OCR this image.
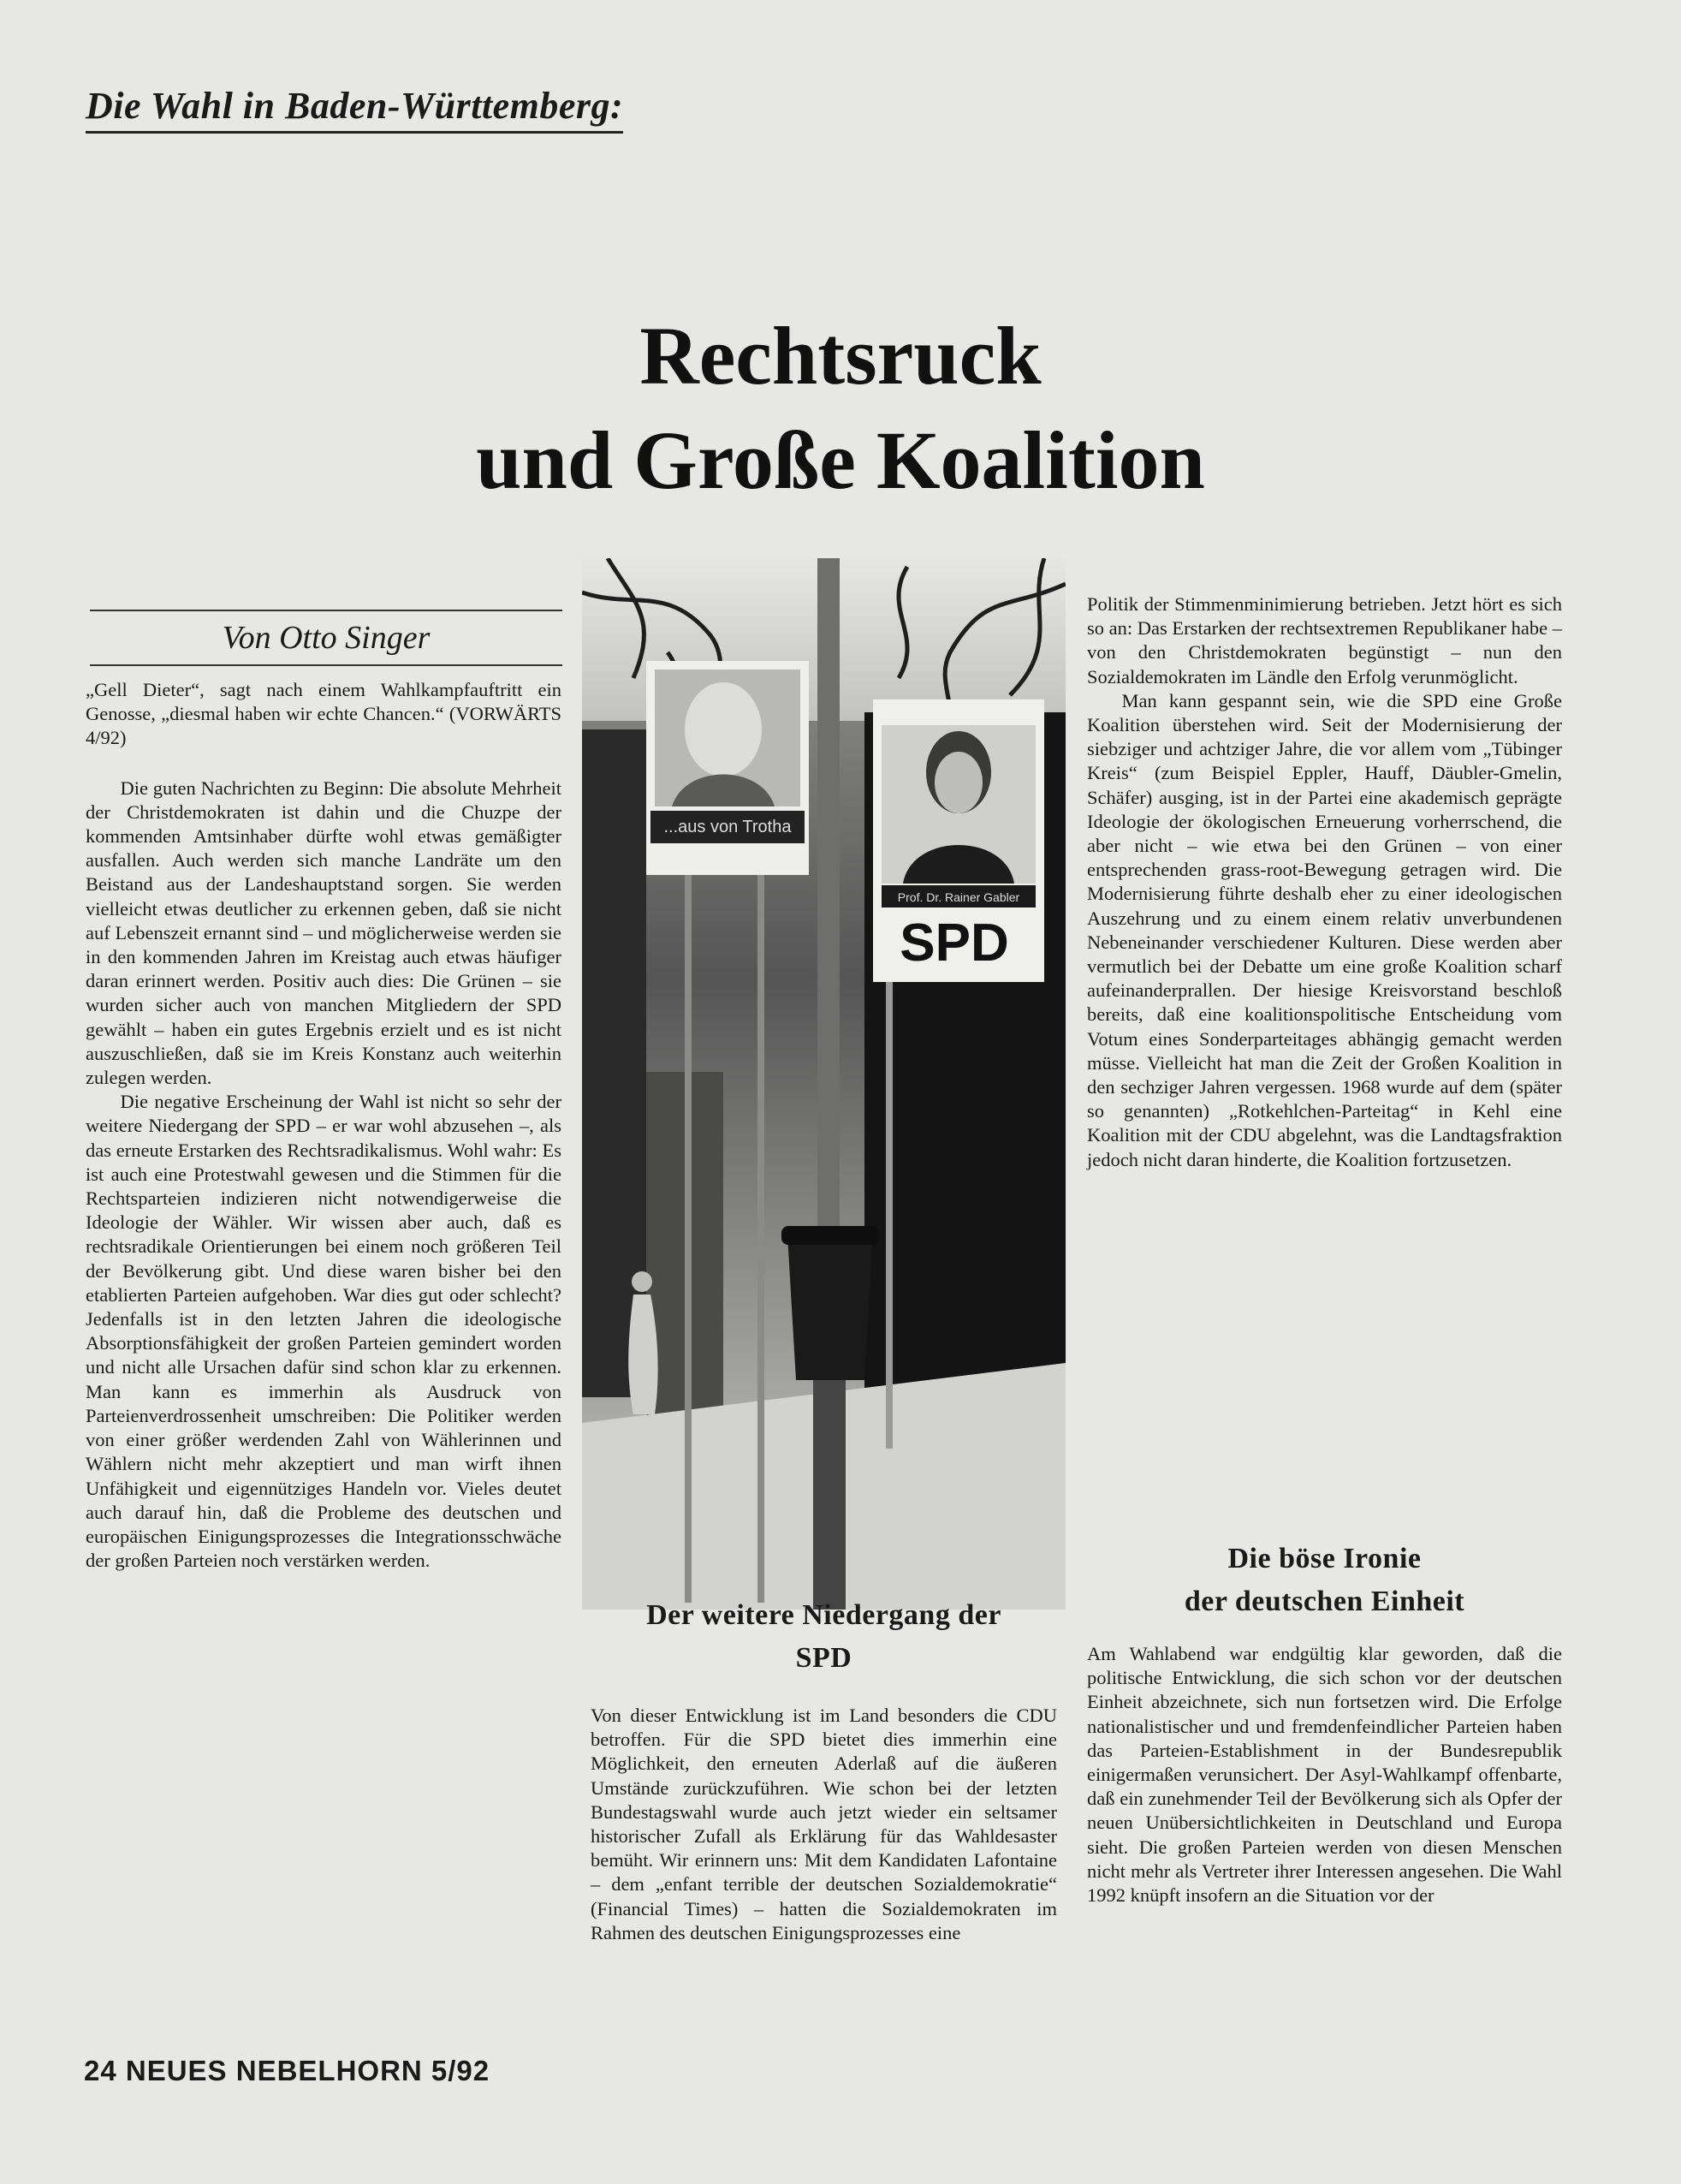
Die Wahl in Baden-Württemberg:
Rechtsruck
und Große Koalition
Von Otto Singer

„Gell Dieter“, sagt nach einem Wahlkampfauftritt ein Genosse, „diesmal haben wir echte Chancen.“ (VORWÄRTS 4/92)

Die guten Nachrichten zu Beginn: Die absolute Mehrheit der Christdemokraten ist dahin und die Chuzpe der kommenden Amtsinhaber dürfte wohl etwas gemäßigter ausfallen. Auch werden sich manche Landräte um den Beistand aus der Landeshauptstand sorgen. Sie werden vielleicht etwas deutlicher zu erkennen geben, daß sie nicht auf Lebenszeit ernannt sind – und möglicherweise werden sie in den kommenden Jahren im Kreistag auch etwas häufiger daran erinnert werden. Positiv auch dies: Die Grünen – sie wurden sicher auch von manchen Mitgliedern der SPD gewählt – haben ein gutes Ergebnis erzielt und es ist nicht auszuschließen, daß sie im Kreis Konstanz auch weiterhin zulegen werden.

Die negative Erscheinung der Wahl ist nicht so sehr der weitere Niedergang der SPD – er war wohl abzusehen –, als das erneute Erstarken des Rechtsradikalismus. Wohl wahr: Es ist auch eine Protestwahl gewesen und die Stimmen für die Rechtsparteien indizieren nicht notwendigerweise die Ideologie der Wähler. Wir wissen aber auch, daß es rechtsradikale Orientierungen bei einem noch größeren Teil der Bevölkerung gibt. Und diese waren bisher bei den etablierten Parteien aufgehoben. War dies gut oder schlecht? Jedenfalls ist in den letzten Jahren die ideologische Absorptionsfähigkeit der großen Parteien gemindert worden und nicht alle Ursachen dafür sind schon klar zu erkennen. Man kann es immerhin als Ausdruck von Parteienverdrossenheit umschreiben: Die Politiker werden von einer größer werdenden Zahl von Wählerinnen und Wählern nicht mehr akzeptiert und man wirft ihnen Unfähigkeit und eigennütziges Handeln vor. Vieles deutet auch darauf hin, daß die Probleme des deutschen und europäischen Einigungsprozesses die Integrationsschwäche der großen Parteien noch verstärken werden.

...aus von Trotha
Prof. Dr. Rainer Gabler
SPD
Der weitere Niedergang der
SPD

Von dieser Entwicklung ist im Land besonders die CDU betroffen. Für die SPD bietet dies immerhin eine Möglichkeit, den erneuten Aderlaß auf die äußeren Umstände zurückzuführen. Wie schon bei der letzten Bundestagswahl wurde auch jetzt wieder ein seltsamer historischer Zufall als Erklärung für das Wahldesaster bemüht. Wir erinnern uns: Mit dem Kandidaten Lafontaine – dem „enfant terrible der deutschen Sozialdemokratie“ (Financial Times) – hatten die Sozialdemokraten im Rahmen des deutschen Einigungsprozesses eine

Politik der Stimmenminimierung betrieben. Jetzt hört es sich so an: Das Erstarken der rechtsextremen Republikaner habe – von den Christdemokraten begünstigt – nun den Sozialdemokraten im Ländle den Erfolg verunmöglicht.

Man kann gespannt sein, wie die SPD eine Große Koalition überstehen wird. Seit der Modernisierung der siebziger und achtziger Jahre, die vor allem vom „Tübinger Kreis“ (zum Beispiel Eppler, Hauff, Däubler-Gmelin, Schäfer) ausging, ist in der Partei eine akademisch geprägte Ideologie der ökologischen Erneuerung vorherrschend, die aber nicht – wie etwa bei den Grünen – von einer entsprechenden grass-root-Bewegung getragen wird. Die Modernisierung führte deshalb eher zu einer ideologischen Auszehrung und zu einem einem relativ unverbundenen Nebeneinander verschiedener Kulturen. Diese werden aber vermutlich bei der Debatte um eine große Koalition scharf aufeinanderprallen. Der hiesige Kreisvorstand beschloß bereits, daß eine koalitionspolitische Entscheidung vom Votum eines Sonderparteitages abhängig gemacht werden müsse. Vielleicht hat man die Zeit der Großen Koalition in den sechziger Jahren vergessen. 1968 wurde auf dem (später so genannten) „Rotkehlchen-Parteitag“ in Kehl eine Koalition mit der CDU abgelehnt, was die Landtagsfraktion jedoch nicht daran hinderte, die Koalition fortzusetzen.

Die böse Ironie
der deutschen Einheit

Am Wahlabend war endgültig klar geworden, daß die politische Entwicklung, die sich schon vor der deutschen Einheit abzeichnete, sich nun fortsetzen wird. Die Erfolge nationalistischer und und fremdenfeindlicher Parteien haben das Parteien-Establishment in der Bundesrepublik einigermaßen verunsichert. Der Asyl-Wahlkampf offenbarte, daß ein zunehmender Teil der Bevölkerung sich als Opfer der neuen Unübersichtlichkeiten in Deutschland und Europa sieht. Die großen Parteien werden von diesen Menschen nicht mehr als Vertreter ihrer Interessen angesehen. Die Wahl 1992 knüpft insofern an die Situation vor der

24 NEUES NEBELHORN 5/92
